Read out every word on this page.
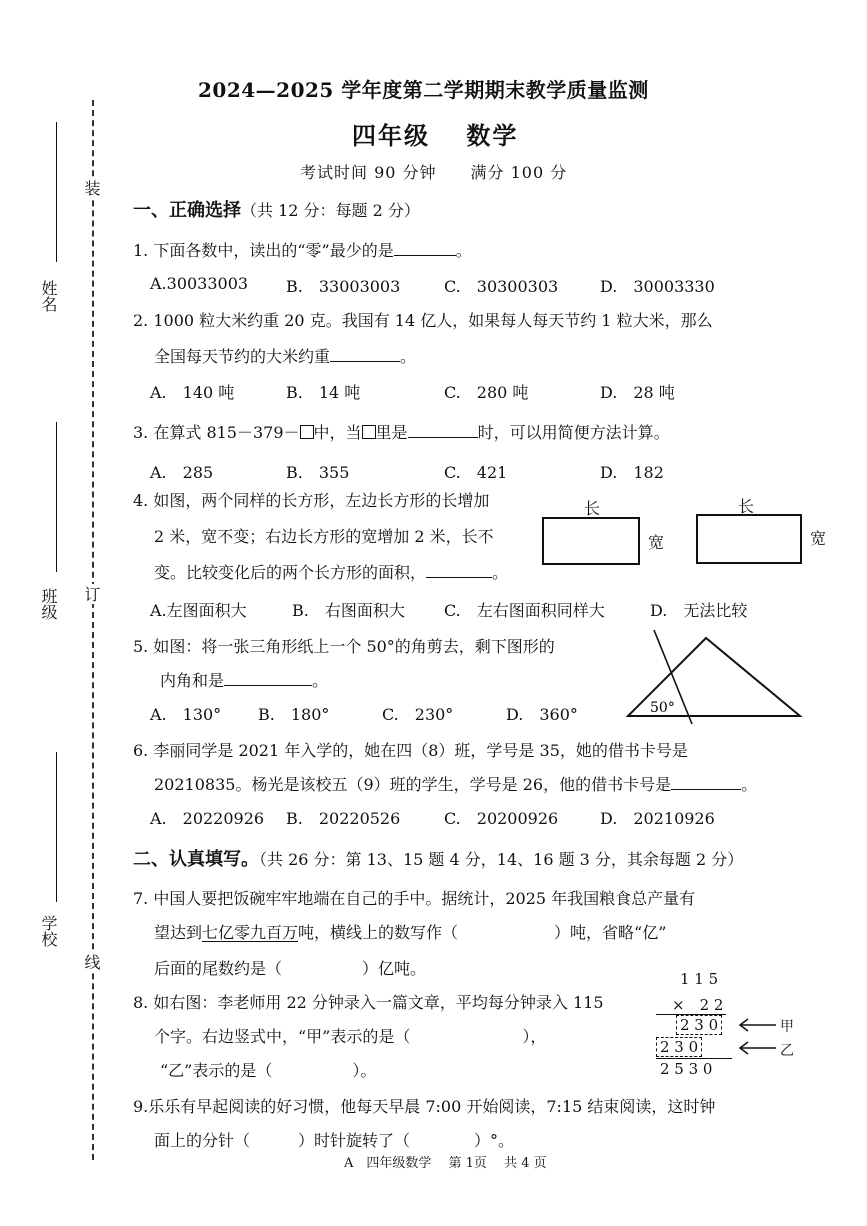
姓名
班级
学校
装
订
线
2024—2025 学年度第二学期期末教学质量监测
四年级　 数学
考试时间 90 分钟　　满分 100 分
一、正确选择（共 12 分：每题 2 分）
1. 下面各数中，读出的“零”最少的是	。
A.30033003 B.　33003003	C.　30300303	D.　30003330
2. 1000 粒大米约重 20 克。我国有 14 亿人，如果每人每天节约 1 粒大米，那么
全国每天节约的大米约重	。
A.　140 吨	B.　14 吨	C.　280 吨	D.　28 吨
3. 在算式 815－379－ 中，当 里是	时，可以用简便方法计算。
A.　285	B.　355	C.　421	D.　182
4. 如图，两个同样的长方形，左边长方形的长增加
2 米，宽不变；右边长方形的宽增加 2 米，长不
变。比较变化后的两个长方形的面积，	。
长
宽
长
宽
A.左图面积大	B.　右图面积大 C.　左右图面积同样大	D.　无法比较
5. 如图：将一张三角形纸上一个 50°的角剪去，剩下图形的
内角和是	。
50°
A.　130° B.　180°	C.　230°	D.　360°
6. 李丽同学是 2021 年入学的，她在四（8）班，学号是 35，她的借书卡号是
20210835。杨光是该校五（9）班的学生，学号是 26，他的借书卡号是	。
A.　20220926 B.　20220526	C.　20200926	D.　20210926
二、认真填写。（共 26 分：第 13、15 题 4 分，14、16 题 3 分，其余每题 2 分）
7. 中国人要把饭碗牢牢地端在自己的手中。据统计，2025 年我国粮食总产量有
望达到七亿零九百万吨，横线上的数写作（　　　　　　）吨，省略“亿”
后面的尾数约是（　　　　　）亿吨。
8. 如右图：李老师用 22 分钟录入一篇文章，平均每分钟录入 115
个字。右边竖式中，“甲”表示的是（　　　　　　　），
“乙”表示的是（　　　　　）。
1 1 5
×　2 2
2 3 0
2 3 0
2 5 3 0
甲
乙
9.乐乐有早起阅读的好习惯，他每天早晨 7:00 开始阅读，7:15 结束阅读，这时钟
面上的分针（　　　）时针旋转了（　　　　）°。
A　四年级数学　 第 1页　 共 4 页
